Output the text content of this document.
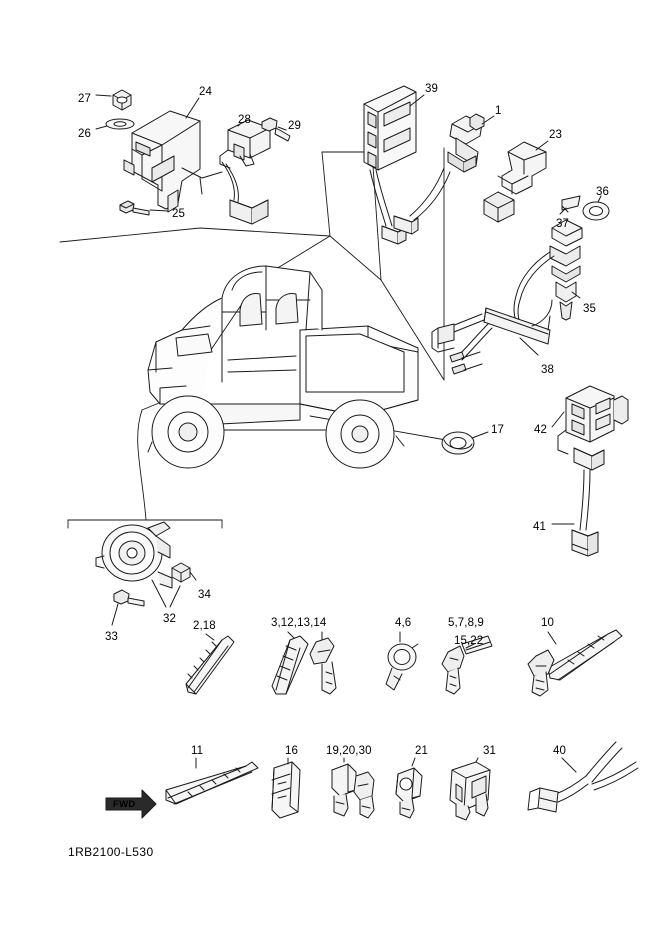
27
24
28	29
39
1
23
26
36
37
25
35
38
17	42
41
34
32
33
2,18	3,12,13,14	4,6	5,7,8,9
15,22
10
11	16 19,20,30	21	31	40
FWD
1RB2100-L530
